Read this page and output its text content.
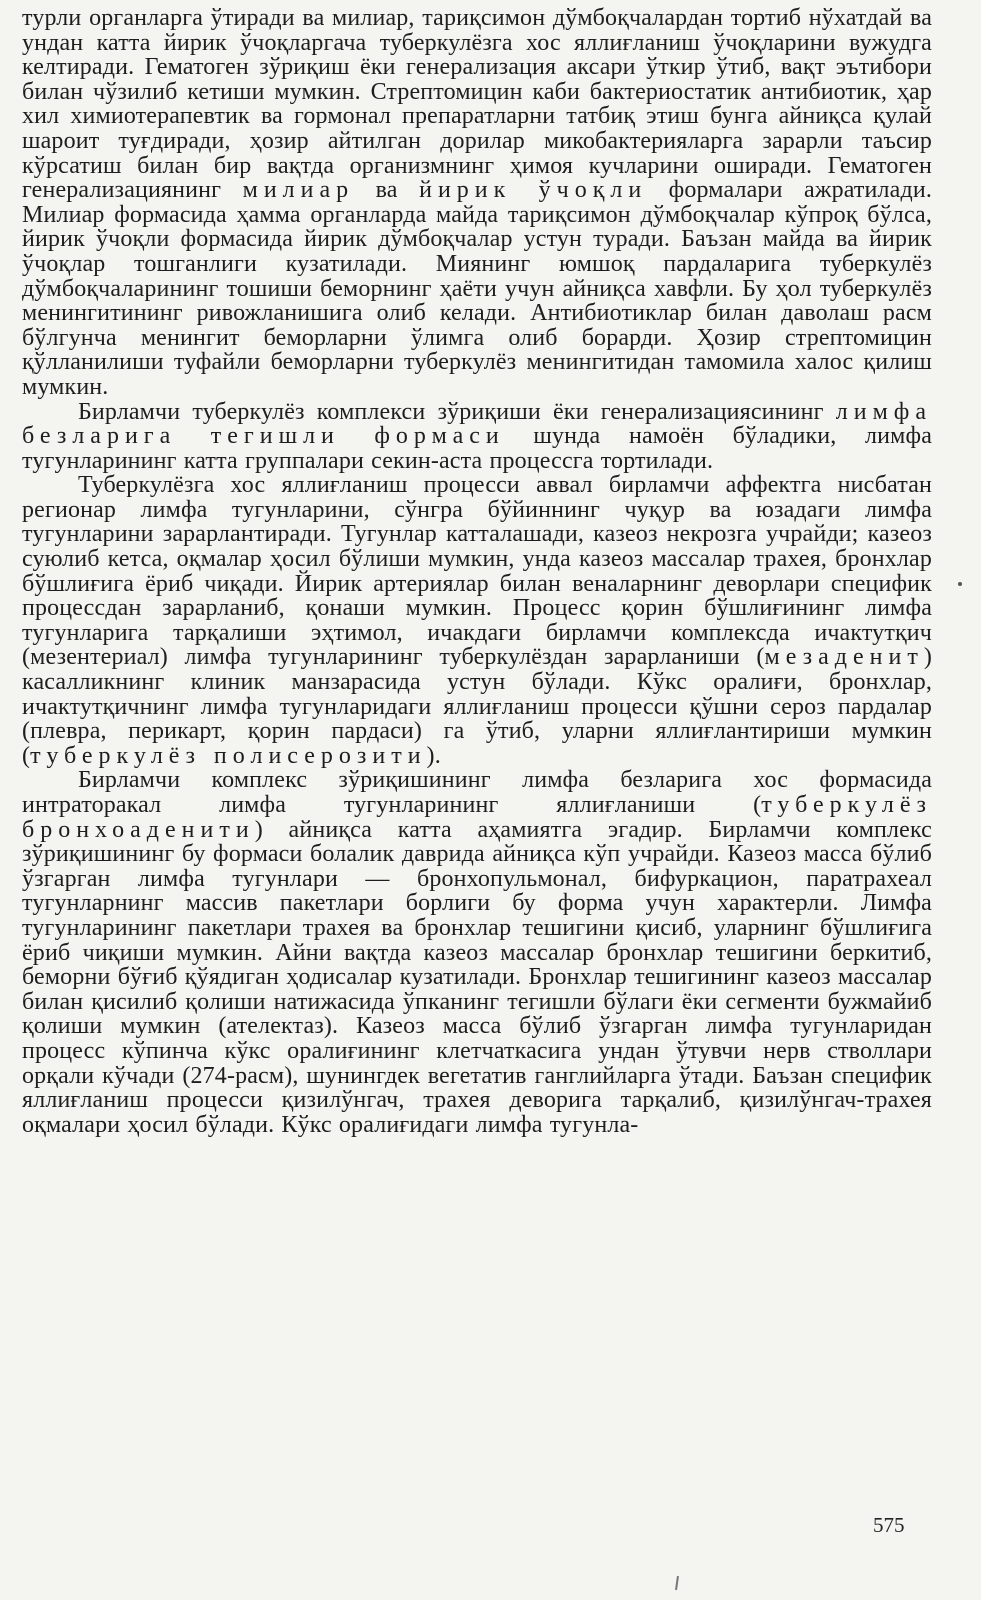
турли органларга ўтиради ва милиар, тариқсимон дўмбоқчалардан тортиб нўхатдай ва ундан катта йирик ўчоқларгача туберкулёзга хос яллиғланиш ўчоқларини вужудга келтиради. Гематоген зўриқиш ёки генерализация аксари ўткир ўтиб, вақт эътибори билан чўзилиб кетиши мумкин. Стрептомицин каби бактериостатик антибиотик, ҳар хил химиотерапевтик ва гормонал препаратларни татбиқ этиш бунга айниқса қулай шароит туғдиради, ҳозир айтилган дорилар микобактерияларга зарарли таъсир кўрсатиш билан бир вақтда организмнинг ҳимоя кучларини оширади. Гематоген генерализациянинг милиар ва йирик ўчоқли формалари ажратилади. Милиар формасида ҳамма органларда майда тариқсимон дўмбоқчалар кўпроқ бўлса, йирик ўчоқли формасида йирик дўмбоқчалар устун туради. Баъзан майда ва йирик ўчоқлар тошганлиги кузатилади. Миянинг юмшоқ пардаларига туберкулёз дўмбоқчаларининг тошиши беморнинг ҳаёти учун айниқса хавфли. Бу ҳол туберкулёз менингитининг ривожланишига олиб келади. Антибиотиклар билан даволаш расм бўлгунча менингит беморларни ўлимга олиб борарди. Ҳозир стрептомицин қўлланилиши туфайли беморларни туберкулёз менингитидан тамомила халос қилиш мумкин.

Бирламчи туберкулёз комплекси зўриқиши ёки генерализациясининг лимфа безларига тегишли формаси шунда намоён бўладики, лимфа тугунларининг катта группалари секин-аста процессга тортилади.

Туберкулёзга хос яллиғланиш процесси аввал бирламчи аффектга нисбатан регионар лимфа тугунларини, сўнгра бўйиннинг чуқур ва юзадаги лимфа тугунларини зарарлантиради. Тугунлар катталашади, казеоз некрозга учрайди; казеоз суюлиб кетса, оқмалар ҳосил бўлиши мумкин, унда казеоз массалар трахея, бронхлар бўшлиғига ёриб чиқади. Йирик артериялар билан веналарнинг деворлари специфик процессдан зарарланиб, қонаши мумкин. Процесс қорин бўшлиғининг лимфа тугунларига тарқалиши эҳтимол, ичакдаги бирламчи комплексда ичактутқич (мезентериал) лимфа тугунларининг туберкулёздан зарарланиши (мезаденит) касалликнинг клиник манзарасида устун бўлади. Кўкс оралиғи, бронхлар, ичактутқичнинг лимфа тугунларидаги яллиғланиш процесси қўшни сероз пардалар (плевра, перикарт, қорин пардаси) га ўтиб, уларни яллиғлантириши мумкин (туберкулёз полисерозити).

Бирламчи комплекс зўриқишининг лимфа безларига хос формасида интраторакал лимфа тугунларининг яллиғланиши (туберкулёз бронхоаденити) айниқса катта аҳамиятга эгадир. Бирламчи комплекс зўриқишининг бу формаси болалик даврида айниқса кўп учрайди. Казеоз масса бўлиб ўзгарган лимфа тугунлари — бронхопульмонал, бифуркацион, паратрахеал тугунларнинг массив пакетлари борлиги бу форма учун характерли. Лимфа тугунларининг пакетлари трахея ва бронхлар тешигини қисиб, уларнинг бўшлиғига ёриб чиқиши мумкин. Айни вақтда казеоз массалар бронхлар тешигини беркитиб, беморни бўғиб қўядиган ҳодисалар кузатилади. Бронхлар тешигининг казеоз массалар билан қисилиб қолиши натижасида ўпканинг тегишли бўлаги ёки сегменти бужмайиб қолиши мумкин (ателектаз). Казеоз масса бўлиб ўзгарган лимфа тугунларидан процесс кўпинча кўкс оралиғининг клетчаткасига ундан ўтувчи нерв стволлари орқали кўчади (274-расм), шунингдек вегетатив ганглийларга ўтади. Баъзан специфик яллиғланиш процесси қизилўнгач, трахея деворига тарқалиб, қизилўнгач-трахея оқмалари ҳосил бўлади. Кўкс оралиғидаги лимфа тугунла-

575
